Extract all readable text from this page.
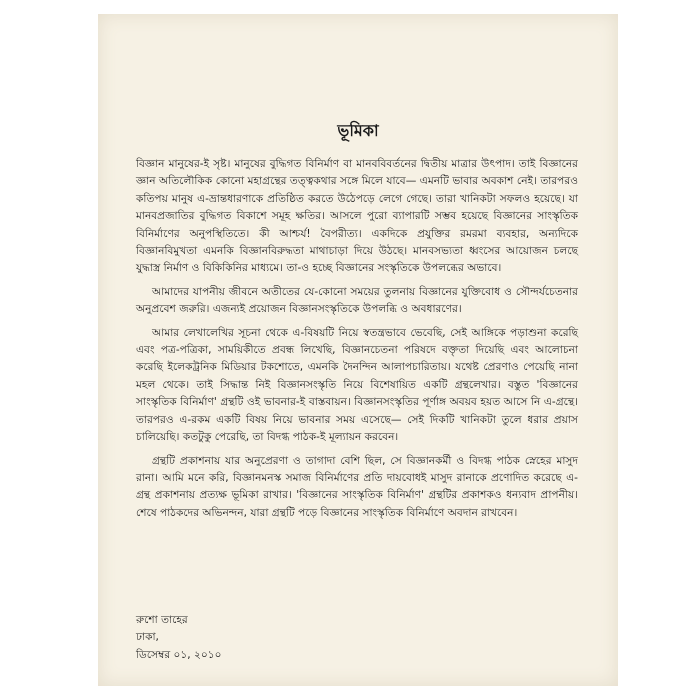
ভূমিকা

বিজ্ঞান মানুষের-ই সৃষ্ট। মানুষের বুদ্ধিগত বিনির্মাণ বা মানববিবর্তনের দ্বিতীয় মাত্রার উৎপাদ। তাই বিজ্ঞানের জ্ঞান অতিলৌকিক কোনো মহাগ্রন্থের তত্ত্বকথার সঙ্গে মিলে যাবে— এমনটি ভাবার অবকাশ নেই। তারপরও কতিপয় মানুষ এ-ভ্রান্তধারণাকে প্রতিষ্ঠিত করতে উঠেপড়ে লেগে গেছে। তারা খানিকটা সফলও হয়েছে। যা মানবপ্রজাতির বুদ্ধিগত বিকাশে সমূহ ক্ষতির। আসলে পুরো ব্যাপারটি সম্ভব হয়েছে বিজ্ঞানের সাংস্কৃতিক বিনির্মাণের অনুপস্থিতিতে। কী আশ্চর্য! বৈপরীত্য। একদিকে প্রযুক্তির রমরমা ব্যবহার, অন্যদিকে বিজ্ঞানবিমুখতা এমনকি বিজ্ঞানবিরুদ্ধতা মাথাচাড়া দিয়ে উঠছে। মানবসভ্যতা ধ্বংসের আয়োজন চলছে যুদ্ধাস্ত্র নির্মাণ ও বিকিকিনির মাধ্যমে। তা-ও হচ্ছে বিজ্ঞানের সংস্কৃতিকে উপলব্ধের অভাবে।

আমাদের যাপনীয় জীবনে অতীতের যে-কোনো সময়ের তুলনায় বিজ্ঞানের যুক্তিবোধ ও সৌন্দর্যচেতনার অনুপ্রবেশ জরুরি। এজন্যই প্রয়োজন বিজ্ঞানসংস্কৃতিকে উপলব্ধি ও অবধারণের।

আমার লেখালেখির সূচনা থেকে এ-বিষয়টি নিয়ে স্বতন্ত্রভাবে ভেবেছি, সেই আঙ্গিকে পড়াশুনা করেছি এবং পত্র-পত্রিকা, সাময়িকীতে প্রবন্ধ লিখেছি, বিজ্ঞানচেতনা পরিষদে বক্তৃতা দিয়েছি এবং আলোচনা করেছি ইলেকট্রনিক মিডিয়ার টকশোতে, এমনকি দৈনন্দিন আলাপচারিতায়। যথেষ্ট প্রেরণাও পেয়েছি নানা মহল থেকে। তাই সিদ্ধান্ত নিই বিজ্ঞানসংস্কৃতি নিয়ে বিশেষায়িত একটি গ্রন্থলেখার। বস্তুত 'বিজ্ঞানের সাংস্কৃতিক বিনির্মাণ' গ্রন্থটি ওই ভাবনার-ই বাস্তবায়ন। বিজ্ঞানসংস্কৃতির পূর্ণাঙ্গ অবয়ব হয়ত আসে নি এ-গ্রন্থে। তারপরও এ-রকম একটি বিষয় নিয়ে ভাবনার সময় এসেছে— সেই দিকটি খানিকটা তুলে ধরার প্রয়াস চালিয়েছি। কতটুকু পেরেছি, তা বিদগ্ধ পাঠক-ই মূল্যায়ন করবেন।

গ্রন্থটি প্রকাশনায় যার অনুপ্রেরণা ও তাগাদা বেশি ছিল, সে বিজ্ঞানকর্মী ও বিদগ্ধ পাঠক স্নেহের মাসুদ রানা। আমি মনে করি, বিজ্ঞানমনস্ক সমাজ বিনির্মাণের প্রতি দায়বোধই মাসুদ রানাকে প্রণোদিত করেছে এ-গ্রন্থ প্রকাশনায় প্রত্যক্ষ ভূমিকা রাখার। 'বিজ্ঞানের সাংস্কৃতিক বিনির্মাণ' গ্রন্থটির প্রকাশকও ধন্যবাদ প্রাপনীয়। শেষে পাঠকদের অভিনন্দন, যারা গ্রন্থটি পড়ে বিজ্ঞানের সাংস্কৃতিক বিনির্মাণে অবদান রাখবেন।

রুশো তাহের

ঢাকা,

ডিসেম্বর ০১, ২০১০
